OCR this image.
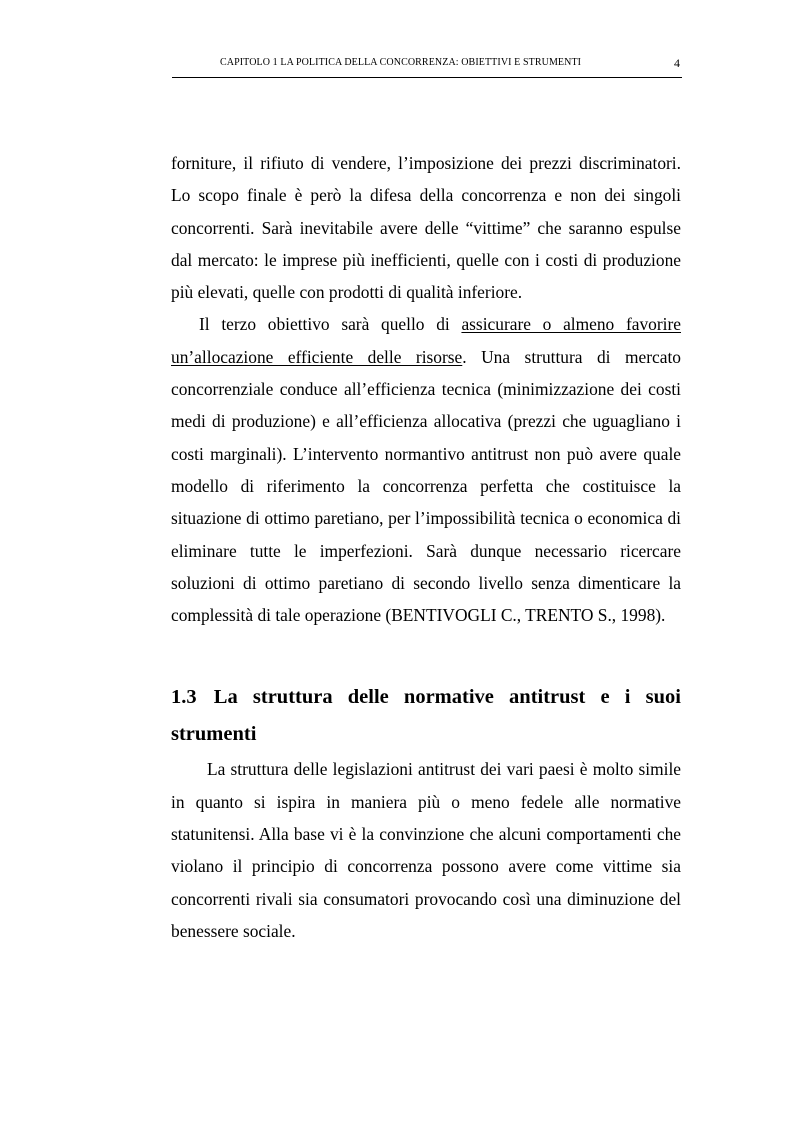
CAPITOLO 1 LA POLITICA DELLA CONCORRENZA: OBIETTIVI E STRUMENTI	4

forniture, il rifiuto di vendere, l’imposizione dei prezzi discriminatori. Lo scopo finale è però la difesa della concorrenza e non dei singoli concorrenti. Sarà inevitabile avere delle “vittime” che saranno espulse dal mercato: le imprese più inefficienti, quelle con i costi di produzione più elevati, quelle con prodotti di qualità inferiore.

Il terzo obiettivo sarà quello di assicurare o almeno favorire un’allocazione efficiente delle risorse. Una struttura di mercato concorrenziale conduce all’efficienza tecnica (minimizzazione dei costi medi di produzione) e all’efficienza allocativa (prezzi che uguagliano i costi marginali). L’intervento normantivo antitrust non può avere quale modello di riferimento la concorrenza perfetta che costituisce la situazione di ottimo paretiano, per l’impossibilità tecnica o economica di eliminare tutte le imperfezioni. Sarà dunque necessario ricercare soluzioni di ottimo paretiano di secondo livello senza dimenticare la complessità di tale operazione (BENTIVOGLI C., TRENTO S., 1998).

1.3 La struttura delle normative antitrust e i suoi strumenti

La struttura delle legislazioni antitrust dei vari paesi è molto simile in quanto si ispira in maniera più o meno fedele alle normative statunitensi. Alla base vi è la convinzione che alcuni comportamenti che violano il principio di concorrenza possono avere come vittime sia concorrenti rivali sia consumatori provocando così una diminuzione del benessere sociale.
